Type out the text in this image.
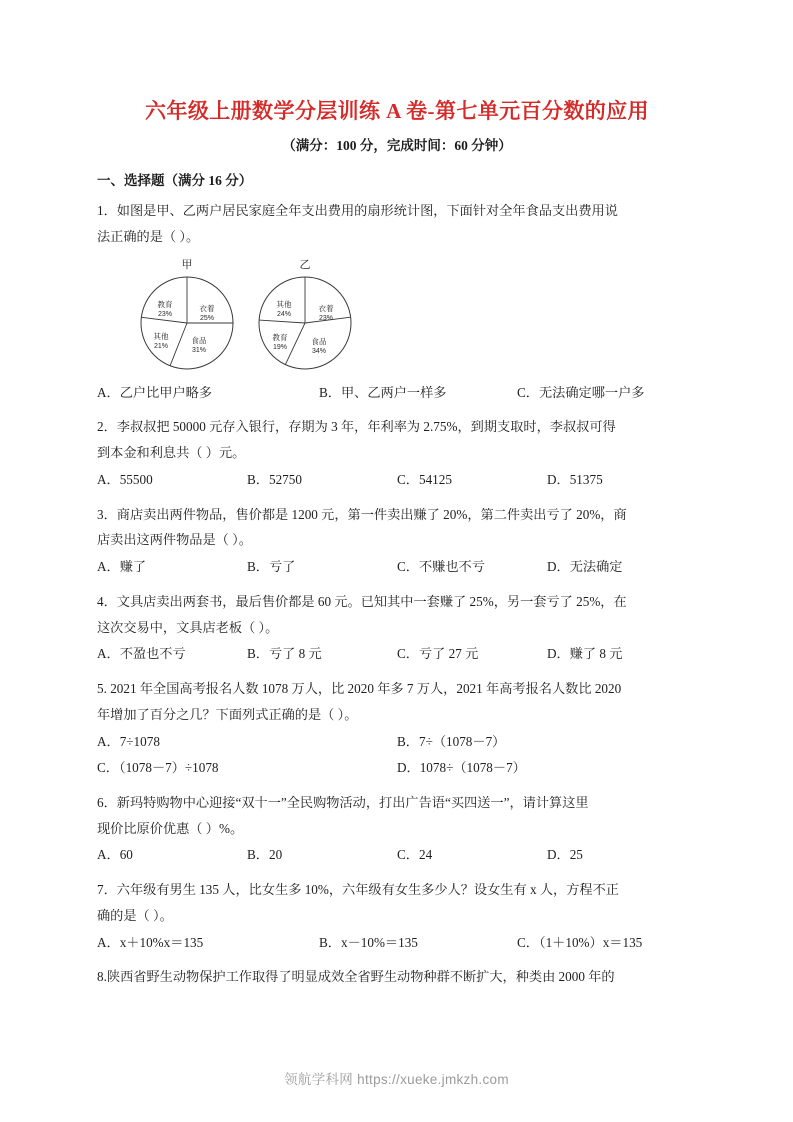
六年级上册数学分层训练 A 卷-第七单元百分数的应用
（满分：100 分，完成时间：60 分钟）
一、选择题（满分 16 分）
1．如图是甲、乙两户居民家庭全年支出费用的扇形统计图，下面针对全年食品支出费用说
法正确的是（ ）。
甲
衣着
25%
食品
31%
其他
21%
教育
23%
乙
衣着
23%
食品
34%
教育
19%
其他
24%
A．乙户比甲户略多	B．甲、乙两户一样多	C．无法确定哪一户多
2．李叔叔把 50000 元存入银行，存期为 3 年，年利率为 2.75%，到期支取时，李叔叔可得
到本金和利息共（ ）元。
A．55500	B．52750	C．54125	D．51375
3．商店卖出两件物品，售价都是 1200 元，第一件卖出赚了 20%，第二件卖出亏了 20%，商
店卖出这两件物品是（ ）。
A．赚了	B．亏了	C．不赚也不亏	D．无法确定
4．文具店卖出两套书，最后售价都是 60 元。已知其中一套赚了 25%，另一套亏了 25%，在
这次交易中，文具店老板（ ）。
A．不盈也不亏	B．亏了 8 元	C．亏了 27 元	D．赚了 8 元
5. 2021 年全国高考报名人数 1078 万人，比 2020 年多 7 万人，2021 年高考报名人数比 2020
年增加了百分之几？下面列式正确的是（ ）。
A．7÷1078	B．7÷（1078－7）
C．（1078－7）÷1078	D．1078÷（1078－7）
6．新玛特购物中心迎接“双十一”全民购物活动，打出广告语“买四送一”，请计算这里
现价比原价优惠（ ）%。
A．60	B．20	C．24	D．25
7．六年级有男生 135 人，比女生多 10%，六年级有女生多少人？设女生有 x 人，方程不正
确的是（ ）。
A．x＋10%x＝135	B．x－10%＝135	C．（1＋10%）x＝135
8.陕西省野生动物保护工作取得了明显成效全省野生动物种群不断扩大，种类由 2000 年的
领航学科网 https://xueke.jmkzh.com
